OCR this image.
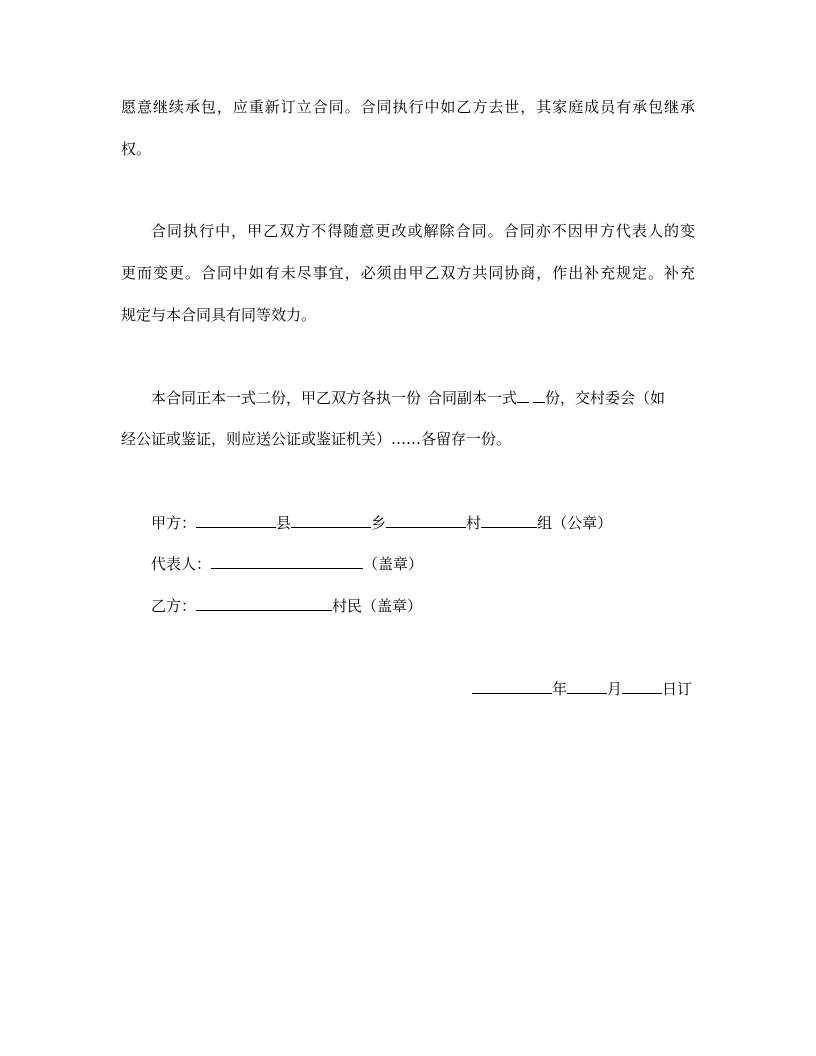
愿意继续承包，应重新订立合同。合同执行中如乙方去世，其家庭成员有承包继承
权。
合同执行中，甲乙双方不得随意更改或解除合同。合同亦不因甲方代表人的变
更而变更。合同中如有未尽事宜，必须由甲乙双方共同协商，作出补充规定。补充
规定与本合同具有同等效力。
本合同正本一式二份，甲乙双方各执一份 合同副本一式 份，交村委会（如
经公证或鉴证，则应送公证或鉴证机关）……各留存一份。
甲方：	县	乡	村	组（公章）
代表人：	（盖章）
乙方：	村民（盖章）
年	月	日订
